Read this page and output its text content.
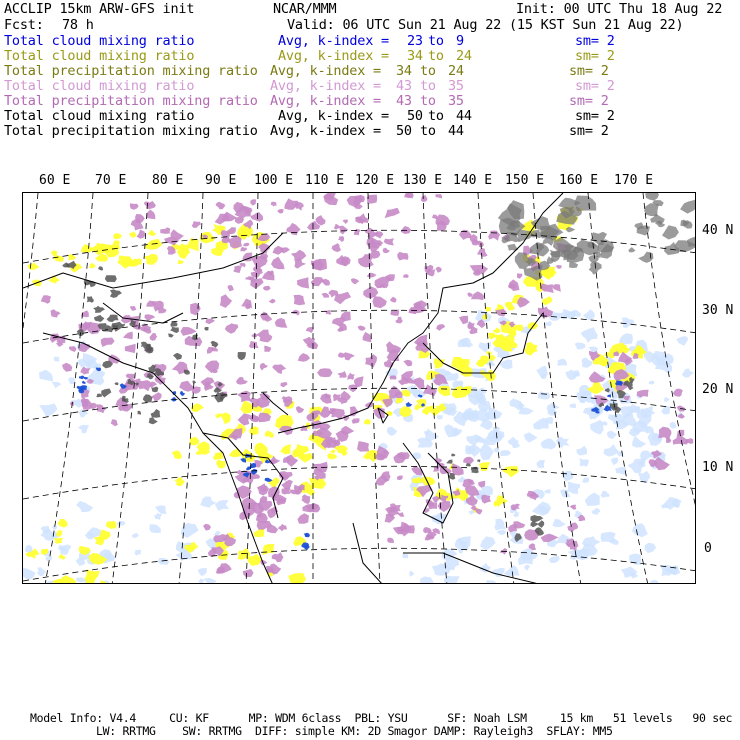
ACCLIP 15km ARW-GFS init	NCAR/MMM	Init: 00 UTC Thu 18 Aug 22
Fcst: 78 h	Valid: 06 UTC Sun 21 Aug 22 (15 KST Sun 21 Aug 22)
Total cloud mixing ratio	Avg, k-index = 23 to 9	sm= 2
Total cloud mixing ratio	Avg, k-index = 34 to 24	sm= 2
Total precipitation mixing ratio Avg, k-index = 34 to 24	sm= 2
Total cloud mixing ratio	Avg, k-index = 43 to 35	sm= 2
Total precipitation mixing ratio Avg, k-index = 43 to 35	sm= 2
Total cloud mixing ratio	Avg, k-index = 50 to 44	sm= 2
Total precipitation mixing ratio Avg, k-index = 50 to 44	sm= 2
60 E 70 E 80 E 90 E 100 E 110 E 120 E 130 E 140 E 150 E 160 E 170 E
40 N
30 N
20 N
10 N
0
Model Info: V4.4     CU: KF      MP: WDM 6class  PBL: YSU      SF: Noah LSM     15 km   51 levels   90 sec
LW: RRTMG    SW: RRTMG  DIFF: simple KM: 2D Smagor DAMP: Rayleigh3  SFLAY: MM5
